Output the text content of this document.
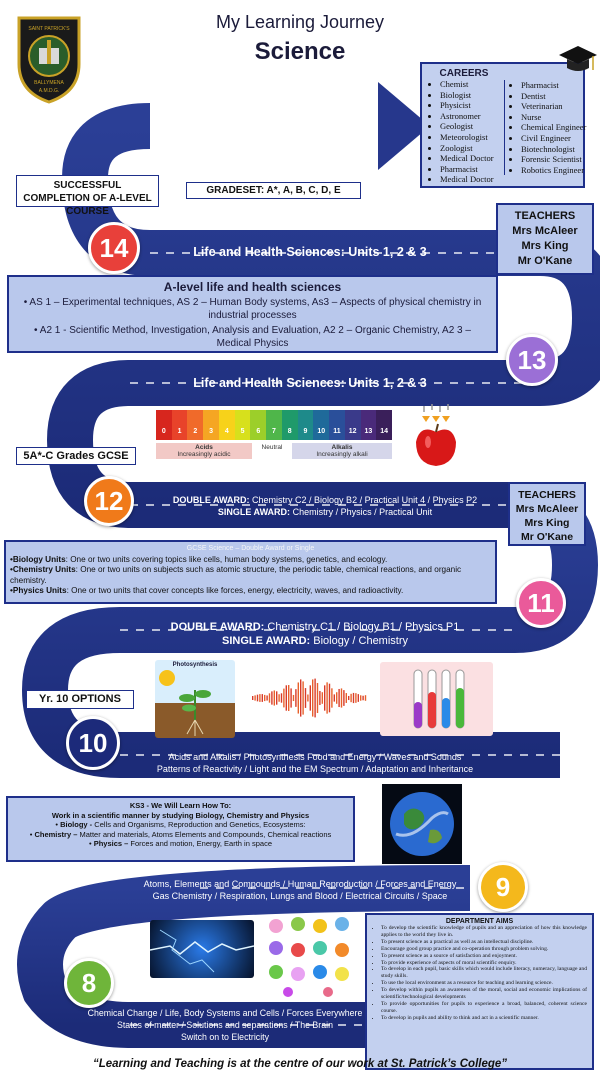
SAINT PATRICK'S
BALLYMENA
A.M.D.G.
My Learning Journey
Science
CAREERS
• Chemist
• Biologist
• Physicist
• Astronomer
• Geologist
• Meteorologist
• Zoologist
• Medical Doctor
• Pharmacist
• Medical Doctor
• Pharmacist
• Dentist
• Veterinarian
• Nurse
• Chemical Engineer
• Civil Engineer
• Biotechnologist
• Forensic Scientist
• Robotics Engineer
F.E/H.E/CAREERS
SUCCESSFUL COMPLETION OF A-LEVEL COURSE
GRADESET: A*, A, B, C, D, E
14	Life and Health Sciences: Units 1, 2 & 3
TEACHERS
Mrs McAleer
Mrs King
Mr O'Kane
A-level life and health sciences
• AS 1 – Experimental techniques, AS 2 – Human Body systems, As3 – Aspects of physical chemistry in industrial processes
• A2 1 - Scientific Method, Investigation, Analysis and Evaluation, A2 2 – Organic Chemistry, A2 3 – Medical Physics
13
Life and Health Sciences: Units 1, 2 & 3
0	1	2	3	4	5	6	7	8	9	10	11	12	13	14
Acids
Increasingly acidic
Neutral	Alkalis
Increasingly alkali
5A*-C Grades GCSE
12	DOUBLE AWARD: Chemistry C2 / Biology B2 / Practical Unit 4 / Physics P2
SINGLE AWARD: Chemistry / Physics / Practical Unit
TEACHERS
Mrs McAleer
Mrs King
Mr O'Kane
GCSE Science – Double Award or Single
•Biology Units: One or two units covering topics like cells, human body systems, genetics, and ecology.
•Chemistry Units: One or two units on subjects such as atomic structure, the periodic table, chemical reactions, and organic chemistry.
•Physics Units: One or two units that cover concepts like forces, energy, electricity, waves, and radioactivity.	11
DOUBLE AWARD: Chemistry C1 / Biology B1 / Physics P1
SINGLE AWARD: Biology / Chemistry
Photosynthesis
Yr. 10 OPTIONS
10	Acids and Alkalis / Photosynthesis Food and Energy / Waves and Sounds
Patterns of Reactivity / Light and the EM Spectrum / Adaptation and Inheritance
KS3 - We Will Learn How To:
Work in a scientific manner by studying Biology, Chemistry and Physics
• Biology - Cells and Organisms, Reproduction and Genetics, Ecosystems:
• Chemistry – Matter and materials, Atoms Elements and Compounds, Chemical reactions
• Physics – Forces and motion, Energy, Earth in space
Atoms, Elements and Compounds / Human Reproduction / Forces and Energy
Gas Chemistry / Respiration, Lungs and Blood / Electrical Circuits / Space	9
DEPARTMENT AIMS
• To develop the scientific knowledge of pupils and an appreciation of how this knowledge applies to the world they live in.
• To present science as a practical as well as an intellectual discipline.
• Encourage good group practice and co-operation through problem solving.
• To present science as a source of satisfaction and enjoyment.
• To provide experience of aspects of moral scientific enquiry.
• To develop in each pupil, basic skills which would include literacy, numeracy, language and study skills.
• To use the local environment as a resource for teaching and learning science.
• To develop within pupils an awareness of the moral, social and economic implications of scientific/technological developments
• To provide opportunities for pupils to experience a broad, balanced, coherent science course.
• To develop in pupils and ability to think and act in a scientific manner.
8
Chemical Change / Life, Body Systems and Cells / Forces Everywhere
States of matter / Solutions and separations / The Brain
Switch on to Electricity
“Learning and Teaching is at the centre of our work at St. Patrick’s College”
